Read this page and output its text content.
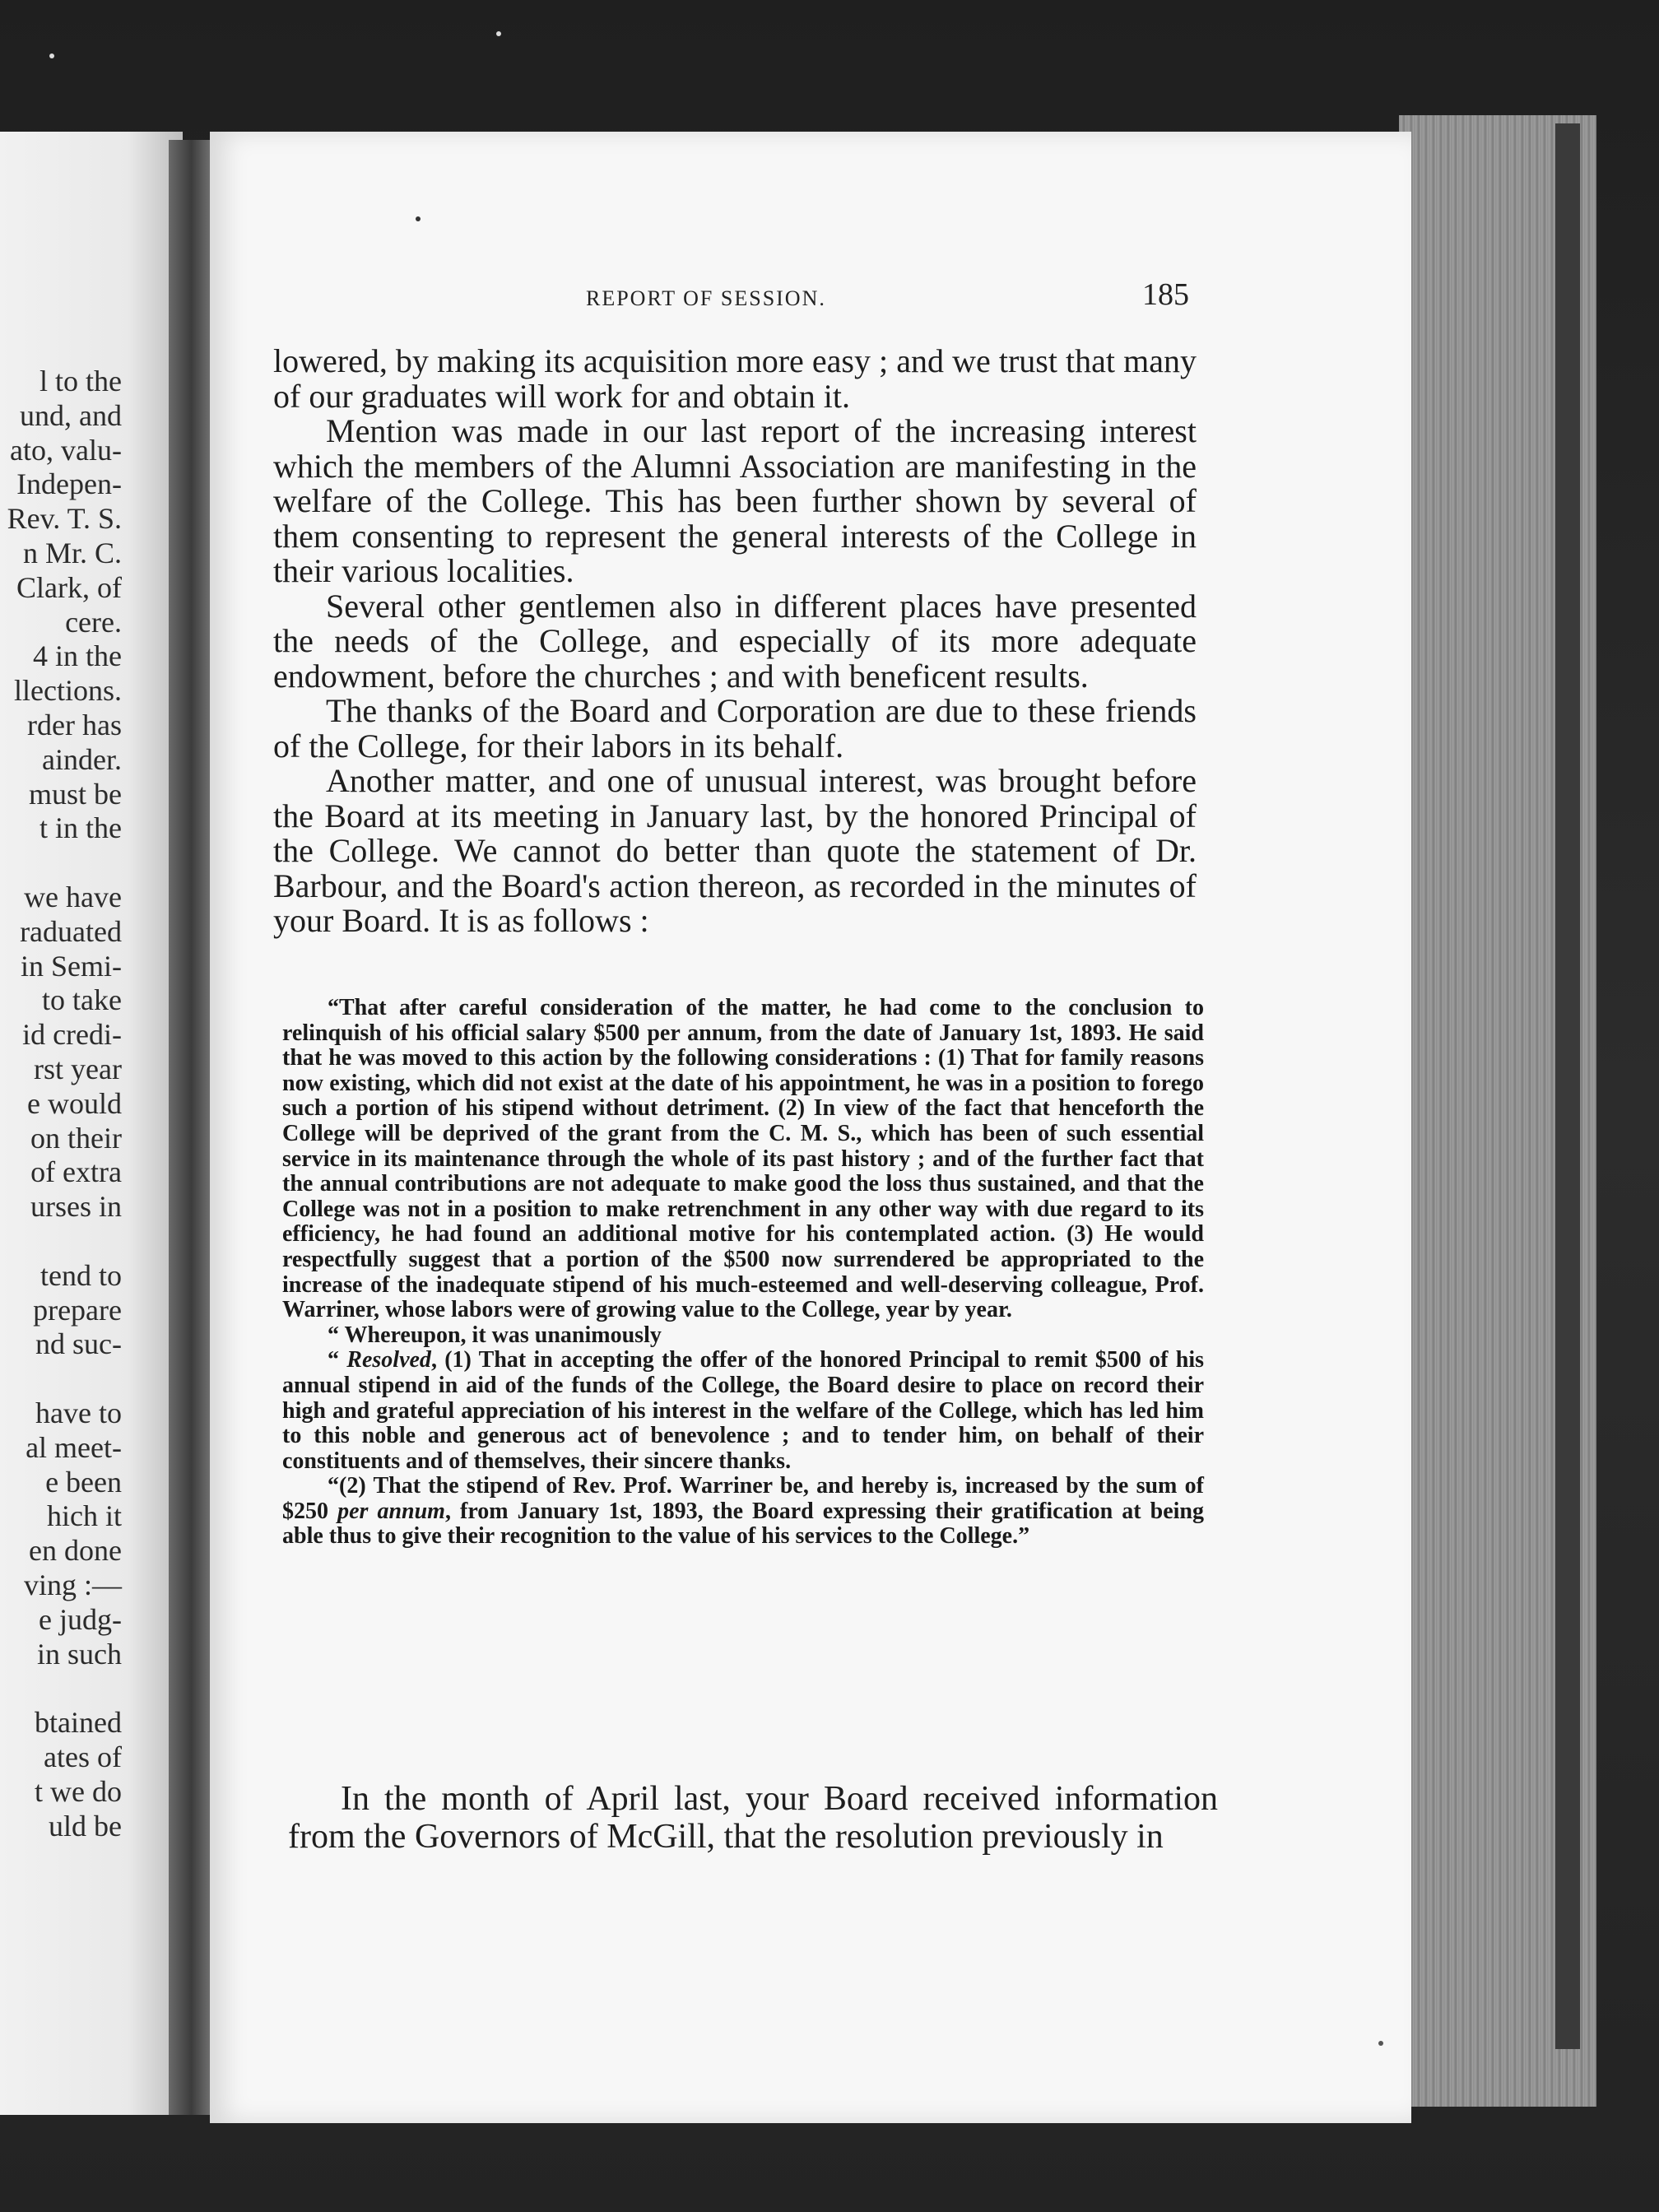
l to the
und, and
ato, valu-
Indepen-
Rev. T. S.
n Mr. C.
Clark, of
cere.
4 in the
llections.
rder has
ainder.
must be
t in the
we have
raduated
in Semi-
to take
id credi-
rst year
e would
on their
of extra
urses in
tend to
prepare
nd suc-
have to
al meet-
e been
hich it
en done
ving :—
e judg-
in such
btained
ates of
t we do
uld be
REPORT OF SESSION.	185

lowered, by making its acquisition more easy ; and we trust that many of our graduates will work for and obtain it.

Mention was made in our last report of the increasing interest which the members of the Alumni Association are manifesting in the welfare of the College. This has been further shown by several of them consenting to represent the general interests of the College in their various localities.

Several other gentlemen also in different places have presented the needs of the College, and especially of its more adequate endowment, before the churches ; and with beneficent results.

The thanks of the Board and Corporation are due to these friends of the College, for their labors in its behalf.

Another matter, and one of unusual interest, was brought before the Board at its meeting in January last, by the honored Principal of the College. We cannot do better than quote the statement of Dr. Barbour, and the Board's action thereon, as recorded in the minutes of your Board. It is as follows :

“That after careful consideration of the matter, he had come to the conclusion to relinquish of his official salary $500 per annum, from the date of January 1st, 1893. He said that he was moved to this action by the following considerations : (1) That for family reasons now existing, which did not exist at the date of his appointment, he was in a position to forego such a portion of his stipend without detriment. (2) In view of the fact that henceforth the College will be deprived of the grant from the C. M. S., which has been of such essential service in its maintenance through the whole of its past history ; and of the further fact that the annual contributions are not adequate to make good the loss thus sustained, and that the College was not in a position to make retrenchment in any other way with due regard to its efficiency, he had found an additional motive for his contemplated action. (3) He would respectfully suggest that a portion of the $500 now surrendered be appropriated to the increase of the inadequate stipend of his much-esteemed and well-deserving colleague, Prof. Warriner, whose labors were of growing value to the College, year by year.

“ Whereupon, it was unanimously

“ Resolved, (1) That in accepting the offer of the honored Principal to remit $500 of his annual stipend in aid of the funds of the College, the Board desire to place on record their high and grateful appreciation of his interest in the welfare of the College, which has led him to this noble and generous act of benevolence ; and to tender him, on behalf of their constituents and of themselves, their sincere thanks.

“(2) That the stipend of Rev. Prof. Warriner be, and hereby is, increased by the sum of $250 per annum, from January 1st, 1893, the Board expressing their gratification at being able thus to give their recognition to the value of his services to the College.”

In the month of April last, your Board received information from the Governors of McGill, that the resolution previously in
